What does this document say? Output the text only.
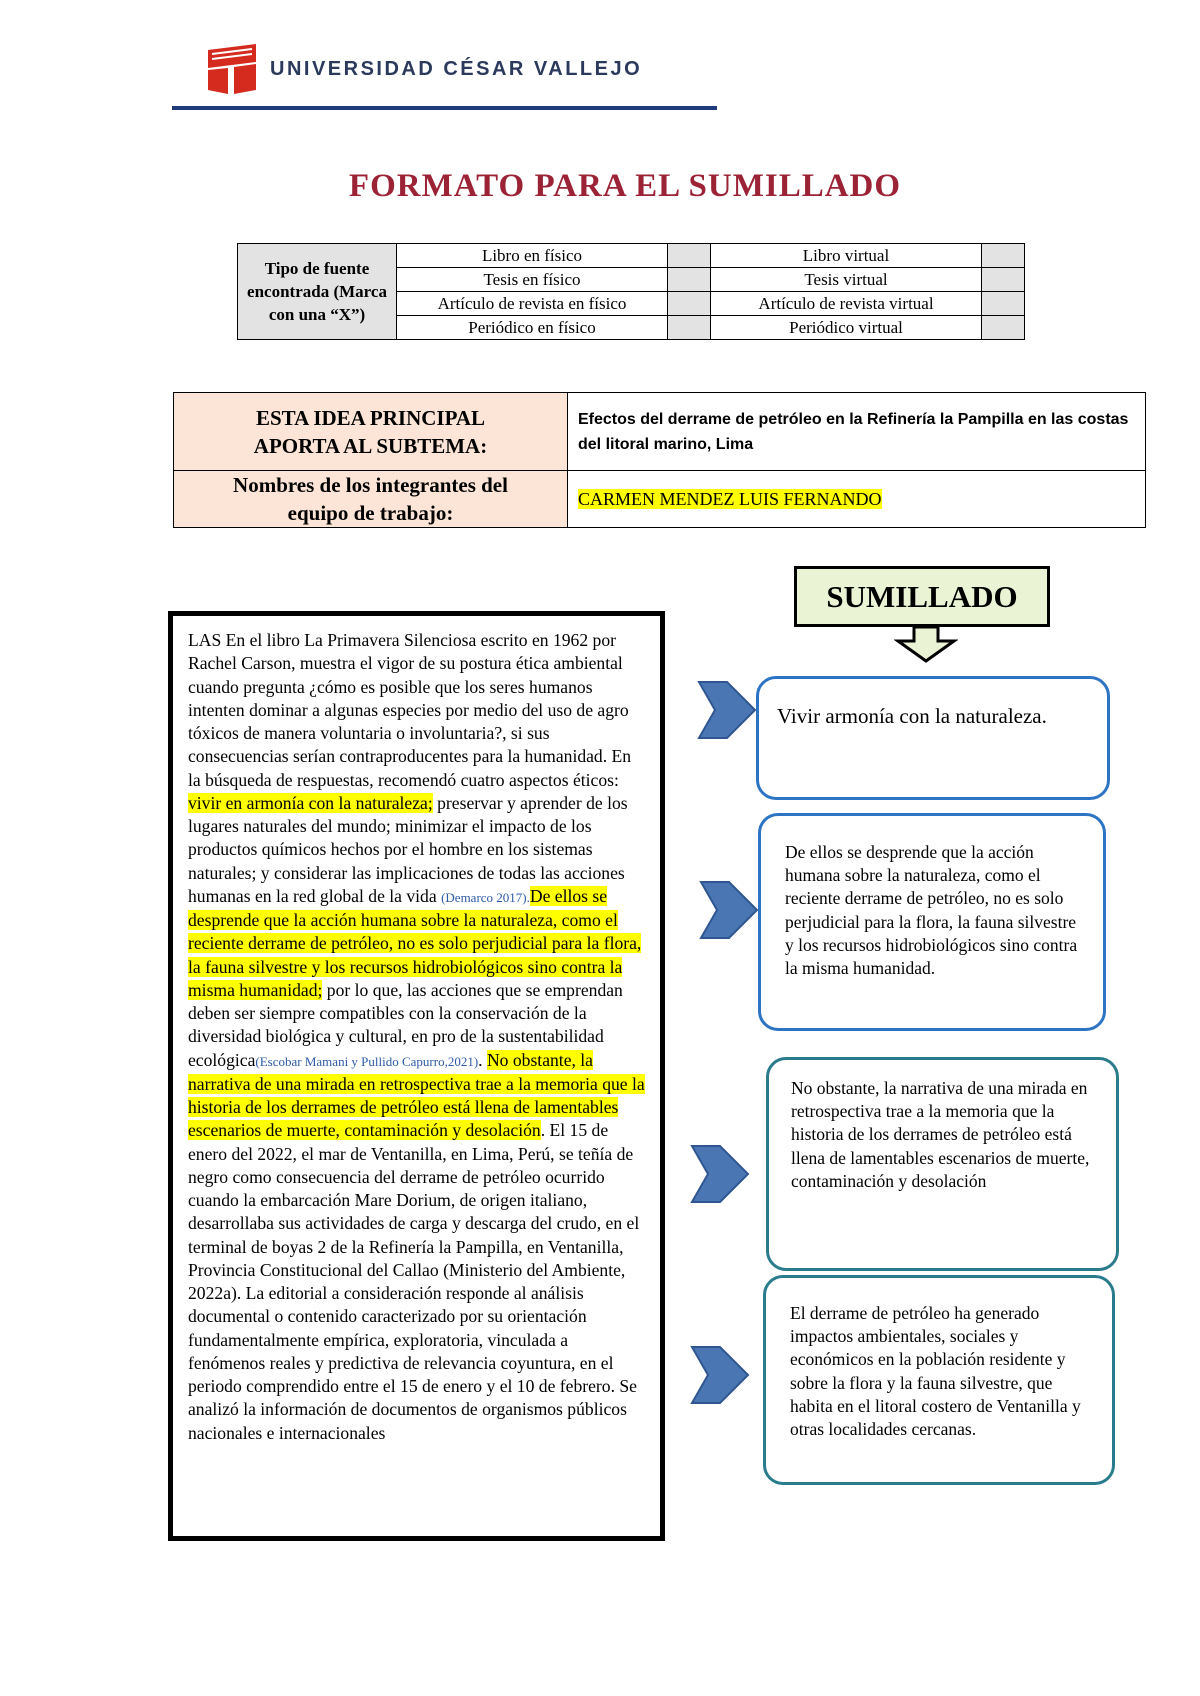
UNIVERSIDAD CÉSAR VALLEJO
FORMATO PARA EL SUMILLADO
Tipo de fuente encontrada (Marca con una “X”)	Libro en físico		Libro virtual	
	Tesis en físico		Tesis virtual	
	Artículo de revista en físico		Artículo de revista virtual	
	Periódico en físico		Periódico virtual	
ESTA IDEA PRINCIPAL APORTA AL SUBTEMA:	Efectos del derrame de petróleo en la Refinería la Pampilla en las costas del litoral marino, Lima

Nombres de los integrantes del equipo de trabajo:	CARMEN MENDEZ LUIS FERNANDO
SUMILLADO
LAS En el libro La Primavera Silenciosa escrito en 1962 por Rachel Carson, muestra el vigor de su postura ética ambiental cuando pregunta ¿cómo es posible que los seres humanos intenten dominar a algunas especies por medio del uso de agro tóxicos de manera voluntaria o involuntaria?, si sus consecuencias serían contraproducentes para la humanidad. En la búsqueda de respuestas, recomendó cuatro aspectos éticos: vivir en armonía con la naturaleza; preservar y aprender de los lugares naturales del mundo; minimizar el impacto de los productos químicos hechos por el hombre en los sistemas naturales; y considerar las implicaciones de todas las acciones humanas en la red global de la vida (Demarco 2017).De ellos se desprende que la acción humana sobre la naturaleza, como el reciente derrame de petróleo, no es solo perjudicial para la flora, la fauna silvestre y los recursos hidrobiológicos sino contra la misma humanidad; por lo que, las acciones que se emprendan deben ser siempre compatibles con la conservación de la diversidad biológica y cultural, en pro de la sustentabilidad ecológica(Escobar Mamani y Pullido Capurro,2021). No obstante, la narrativa de una mirada en retrospectiva trae a la memoria que la historia de los derrames de petróleo está llena de lamentables escenarios de muerte, contaminación y desolación. El 15 de enero del 2022, el mar de Ventanilla, en Lima, Perú, se teñía de negro como consecuencia del derrame de petróleo ocurrido cuando la embarcación Mare Dorium, de origen italiano, desarrollaba sus actividades de carga y descarga del crudo, en el terminal de boyas 2 de la Refinería la Pampilla, en Ventanilla, Provincia Constitucional del Callao (Ministerio del Ambiente, 2022a). La editorial a consideración responde al análisis documental o contenido caracterizado por su orientación fundamentalmente empírica, exploratoria, vinculada a fenómenos reales y predictiva de relevancia coyuntura, en el periodo comprendido entre el 15 de enero y el 10 de febrero. Se analizó la información de documentos de organismos públicos nacionales e internacionales
Vivir armonía con la naturaleza.
De ellos se desprende que la acción humana sobre la naturaleza, como el reciente derrame de petróleo, no es solo perjudicial para la flora, la fauna silvestre y los recursos hidrobiológicos sino contra la misma humanidad.
No obstante, la narrativa de una mirada en retrospectiva trae a la memoria que la historia de los derrames de petróleo está llena de lamentables escenarios de muerte, contaminación y desolación
El derrame de petróleo ha generado impactos ambientales, sociales y económicos en la población residente y sobre la flora y la fauna silvestre, que habita en el litoral costero de Ventanilla y otras localidades cercanas.
